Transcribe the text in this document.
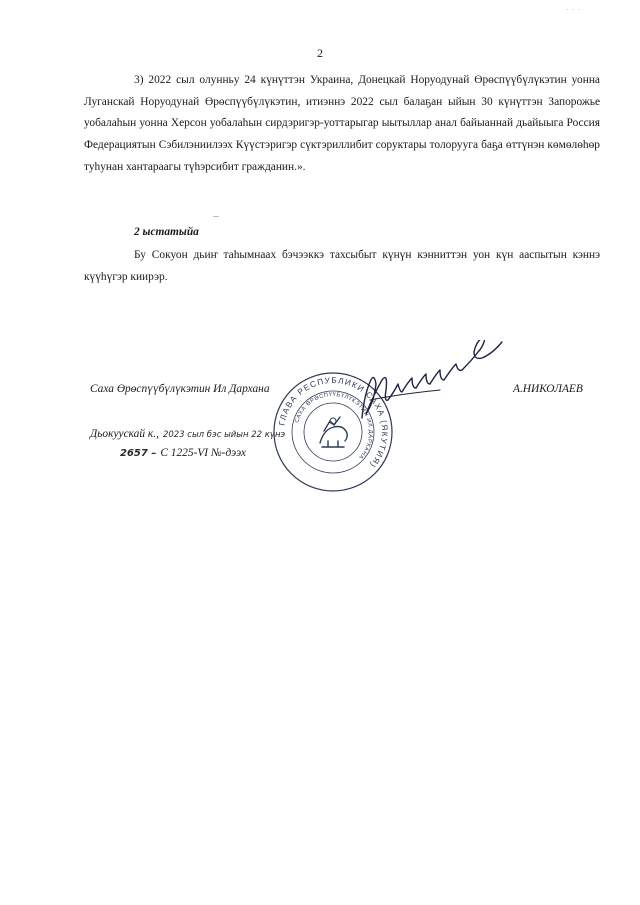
· · ·
2

3) 2022 сыл олунньу 24 күнүттэн Украина, Донецкай Норуодунай Өрөспүүбүлүкэтин уонна Луганскай Норуодунай Өрөспүүбүлүкэтин, итиэннэ 2022 сыл балаҕан ыйын 30 күнүттэн Запорожье уобалаһын уонна Херсон уобалаһын сирдэригэр-уоттарыгар ыытыллар анал байыаннай дьайыыга Россия Федерациятын Сэбилэниилээх Күүстэригэр сүктэриллибит соруктары толорууга баҕа өттүнэн көмөлөһөр туһунан хантараагы түһэрсибит гражданин.».

...

2 ыстатыйа

Бу Сокуон дьиҥ таһымнаах бэчээккэ тахсыбыт күнүн кэнниттэн уон күн ааспытын кэннэ күүһүгэр киирэр.

Саха Өрөспүүбүлүкэтин Ил Дархана	А.НИКОЛАЕВ
Дьокуускай к., 2023 сыл бэс ыйын 22 күнэ
2657 – С 1225-VI №-дээх
ГЛАВА РЕСПУБЛИКИ САХА (ЯКУТИЯ)
САХА ӨРӨСПҮҮБҮЛҮКЭТИН ИЛ ДАРХАНА
